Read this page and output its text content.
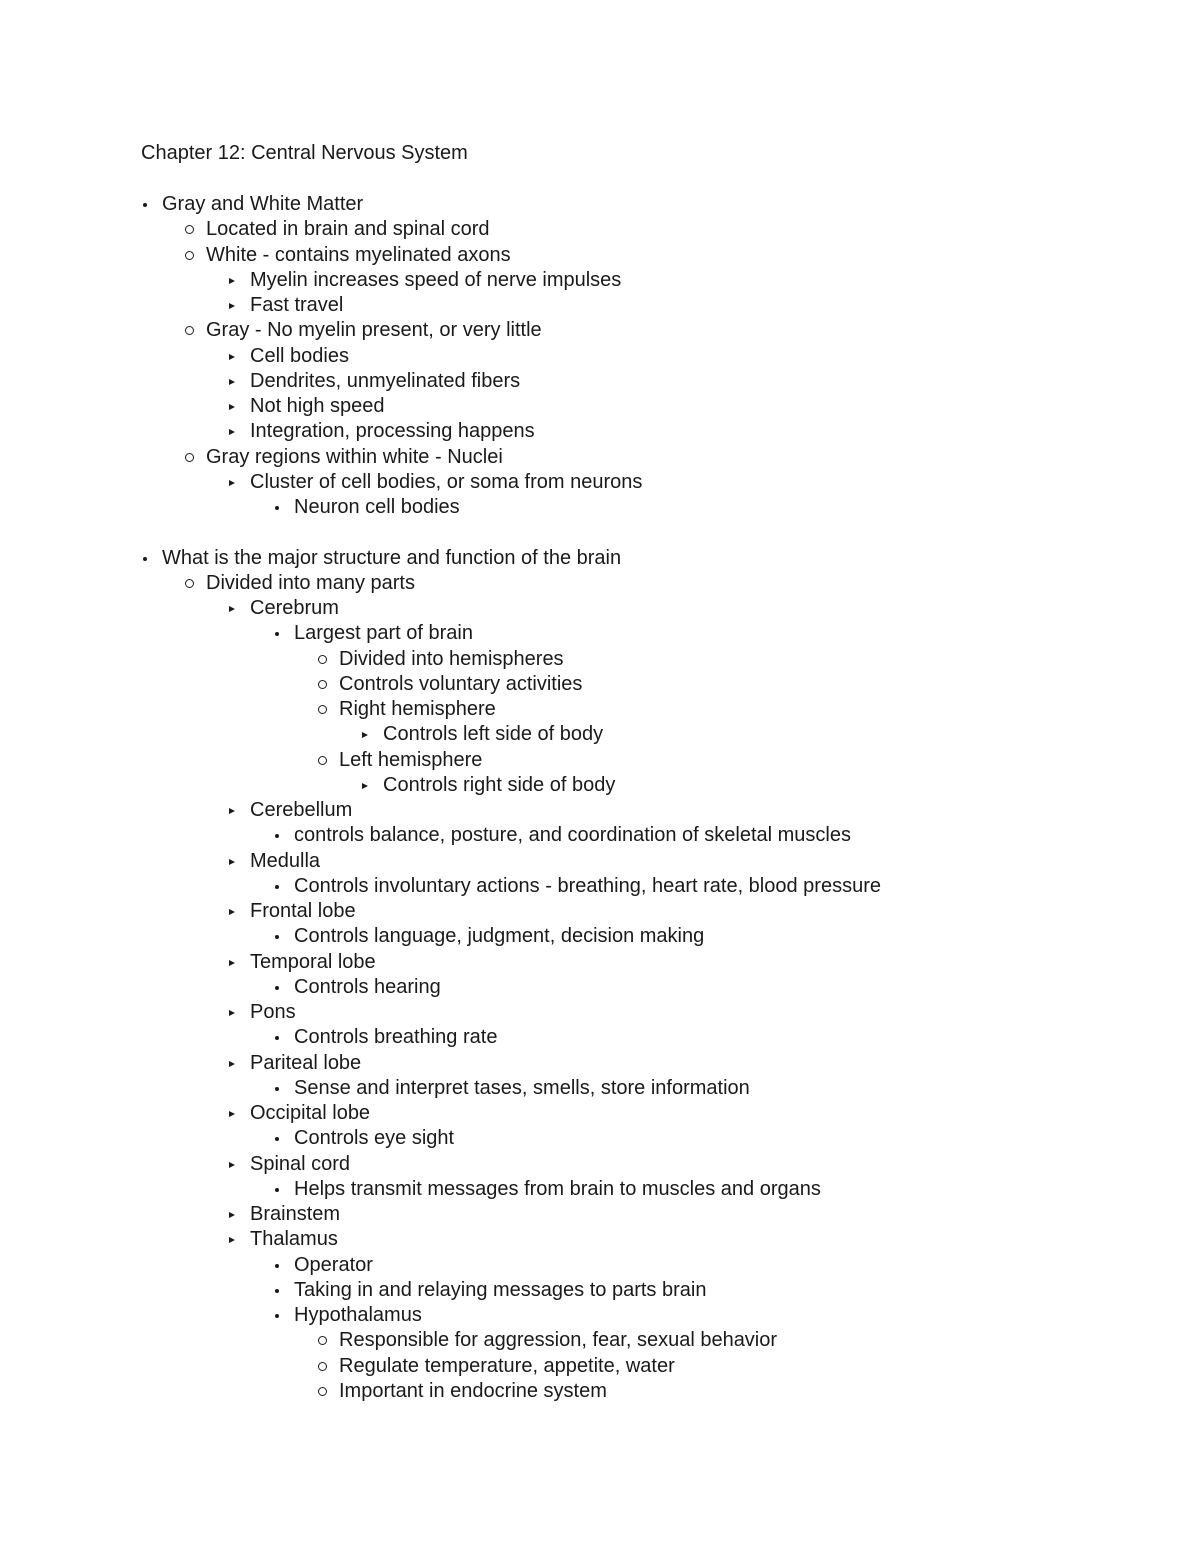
Chapter 12: Central Nervous System
Gray and White Matter
Located in brain and spinal cord
White - contains myelinated axons
Myelin increases speed of nerve impulses
Fast travel
Gray - No myelin present, or very little
Cell bodies
Dendrites, unmyelinated fibers
Not high speed
Integration, processing happens
Gray regions within white - Nuclei
Cluster of cell bodies, or soma from neurons
Neuron cell bodies
What is the major structure and function of the brain
Divided into many parts
Cerebrum
Largest part of brain
Divided into hemispheres
Controls voluntary activities
Right hemisphere
Controls left side of body
Left hemisphere
Controls right side of body
Cerebellum
controls balance, posture, and coordination of skeletal muscles
Medulla
Controls involuntary actions - breathing, heart rate, blood pressure
Frontal lobe
Controls language, judgment, decision making
Temporal lobe
Controls hearing
Pons
Controls breathing rate
Pariteal lobe
Sense and interpret tases, smells, store information
Occipital lobe
Controls eye sight
Spinal cord
Helps transmit messages from brain to muscles and organs
Brainstem
Thalamus
Operator
Taking in and relaying messages to parts brain
Hypothalamus
Responsible for aggression, fear, sexual behavior
Regulate temperature, appetite, water
Important in endocrine system
